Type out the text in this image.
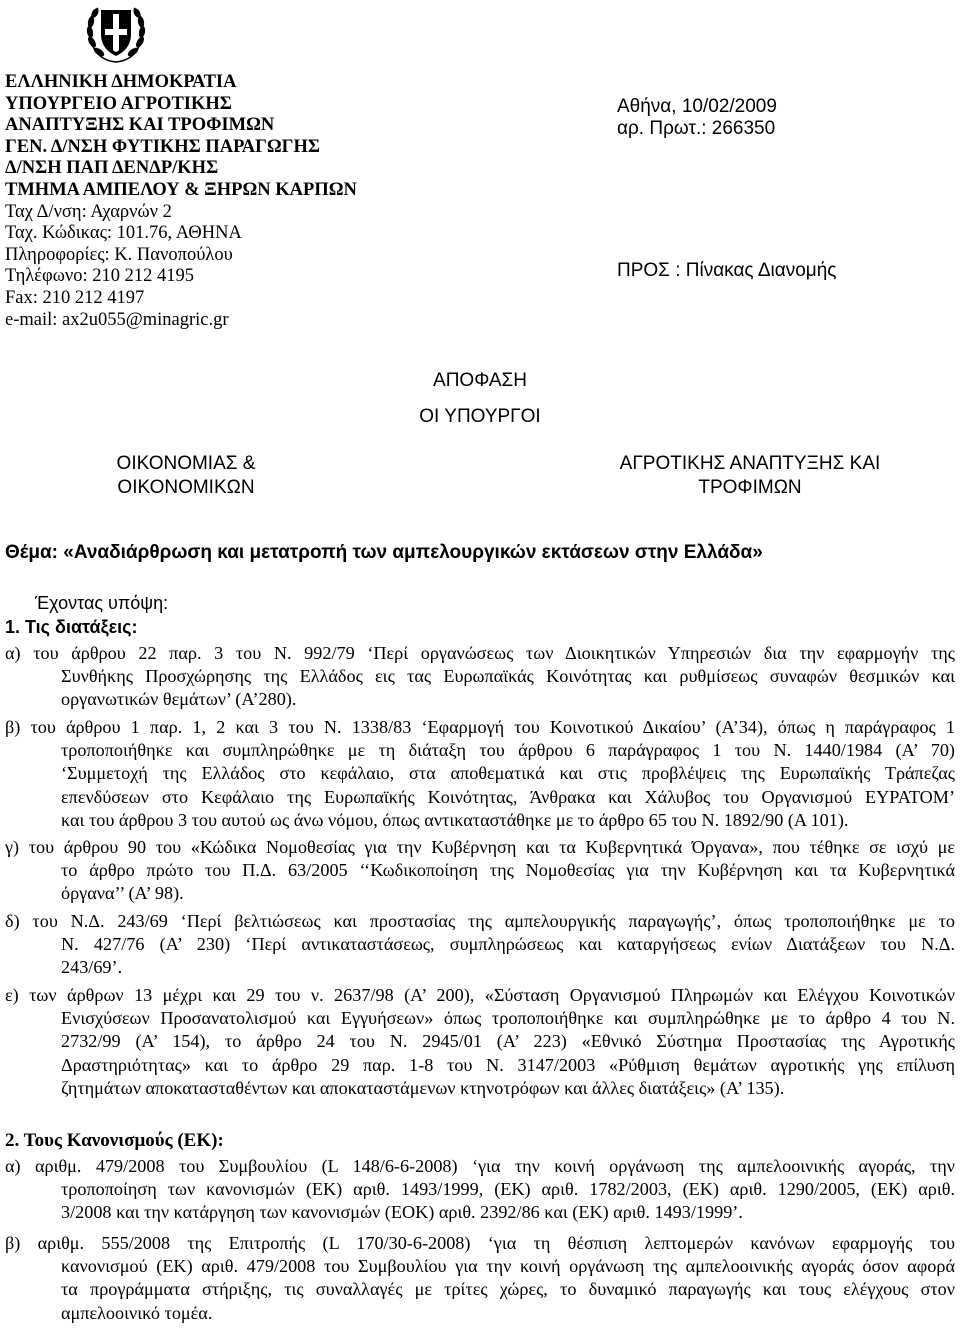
ΕΛΛΗΝΙΚΗ ΔΗΜΟΚΡΑΤΙΑ
ΥΠΟΥΡΓΕΙΟ ΑΓΡΟΤΙΚΗΣ
ΑΝΑΠΤΥΞΗΣ ΚΑΙ ΤΡΟΦΙΜΩΝ
ΓΕΝ. Δ/ΝΣΗ ΦΥΤΙΚΗΣ ΠΑΡΑΓΩΓΗΣ
Δ/ΝΣΗ ΠΑΠ ΔΕΝΔΡ/ΚΗΣ
ΤΜΗΜΑ ΑΜΠΕΛΟΥ & ΞΗΡΩΝ ΚΑΡΠΩΝ
Ταχ Δ/νση: Αχαρνών 2
Ταχ. Κώδικας: 101.76, ΑΘΗΝΑ
Πληροφορίες: Κ. Πανοπούλου
Τηλέφωνο: 210 212 4195
Fax: 210 212 4197
e-mail: ax2u055@minagric.gr
Αθήνα, 10/02/2009
αρ. Πρωτ.: 266350
ΠΡΟΣ : Πίνακας Διανομής
ΑΠΟΦΑΣΗ
ΟΙ ΥΠΟΥΡΓΟΙ
ΟΙΚΟΝΟΜΙΑΣ &
ΟΙΚΟΝΟΜΙΚΩΝ
ΑΓΡΟΤΙΚΗΣ ΑΝΑΠΤΥΞΗΣ ΚΑΙ
ΤΡΟΦΙΜΩΝ
Θέμα: «Αναδιάρθρωση και μετατροπή των αμπελουργικών εκτάσεων στην Ελλάδα»
Έχοντας υπόψη:
1. Τις διατάξεις:
α) του άρθρου 22 παρ. 3 του Ν. 992/79 ‘Περί οργανώσεως των Διοικητικών Υπηρεσιών δια την εφαρμογήν της
Συνθήκης Προσχώρησης της Ελλάδος εις τας Ευρωπαϊκάς Κοινότητας και ρυθμίσεως συναφών θεσμικών και
οργανωτικών θεμάτων’ (Α’280).
β) του άρθρου 1 παρ. 1, 2 και 3 του Ν. 1338/83 ‘Εφαρμογή του Κοινοτικού Δικαίου’ (Α’34), όπως η παράγραφος 1
τροποποιήθηκε και συμπληρώθηκε με τη διάταξη του άρθρου 6 παράγραφος 1 του Ν. 1440/1984 (Α’ 70)
‘Συμμετοχή της Ελλάδος στο κεφάλαιο, στα αποθεματικά και στις προβλέψεις της Ευρωπαϊκής Τράπεζας
επενδύσεων στο Κεφάλαιο της Ευρωπαϊκής Κοινότητας, Άνθρακα και Χάλυβος του Οργανισμού ΕΥΡΑΤΟΜ’
και του άρθρου 3 του αυτού ως άνω νόμου, όπως αντικαταστάθηκε με το άρθρο 65 του Ν. 1892/90 (Α 101).
γ) του άρθρου 90 του «Κώδικα Νομοθεσίας για την Κυβέρνηση και τα Κυβερνητικά Όργανα», που τέθηκε σε ισχύ με
το άρθρο πρώτο του Π.Δ. 63/2005 ‘‘Κωδικοποίηση της Νομοθεσίας για την Κυβέρνηση και τα Κυβερνητικά
όργανα’’ (Α’ 98).
δ) του Ν.Δ. 243/69 ‘Περί βελτιώσεως και προστασίας της αμπελουργικής παραγωγής’, όπως τροποποιήθηκε με το
Ν. 427/76 (Α’ 230) ‘Περί αντικαταστάσεως, συμπληρώσεως και καταργήσεως ενίων Διατάξεων του Ν.Δ.
243/69’.
ε) των άρθρων 13 μέχρι και 29 του ν. 2637/98 (Α’ 200), «Σύσταση Οργανισμού Πληρωμών και Ελέγχου Κοινοτικών
Ενισχύσεων Προσανατολισμού και Εγγυήσεων» όπως τροποποιήθηκε και συμπληρώθηκε με το άρθρο 4 του Ν.
2732/99 (Α’ 154), το άρθρο 24 του Ν. 2945/01 (Α’ 223) «Εθνικό Σύστημα Προστασίας της Αγροτικής
Δραστηριότητας» και το άρθρο 29 παρ. 1-8 του Ν. 3147/2003 «Ρύθμιση θεμάτων αγροτικής γης επίλυση
ζητημάτων αποκατασταθέντων και αποκαταστάμενων κτηνοτρόφων και άλλες διατάξεις» (Α’ 135).
2. Τους Κανονισμούς (ΕΚ):
α) αριθμ. 479/2008 του Συμβουλίου (L 148/6-6-2008) ‘για την κοινή οργάνωση της αμπελοοινικής αγοράς, την
τροποποίηση των κανονισμών (ΕΚ) αριθ. 1493/1999, (ΕΚ) αριθ. 1782/2003, (ΕΚ) αριθ. 1290/2005, (ΕΚ) αριθ.
3/2008 και την κατάργηση των κανονισμών (ΕΟΚ) αριθ. 2392/86 και (ΕΚ) αριθ. 1493/1999’.
β) αριθμ. 555/2008 της Επιτροπής (L 170/30-6-2008) ‘για τη θέσπιση λεπτομερών κανόνων εφαρμογής του
κανονισμού (ΕΚ) αριθ. 479/2008 του Συμβουλίου για την κοινή οργάνωση της αμπελοοινικής αγοράς όσον αφορά
τα προγράμματα στήριξης, τις συναλλαγές με τρίτες χώρες, το δυναμικό παραγωγής και τους ελέγχους στον
αμπελοοινικό τομέα.
